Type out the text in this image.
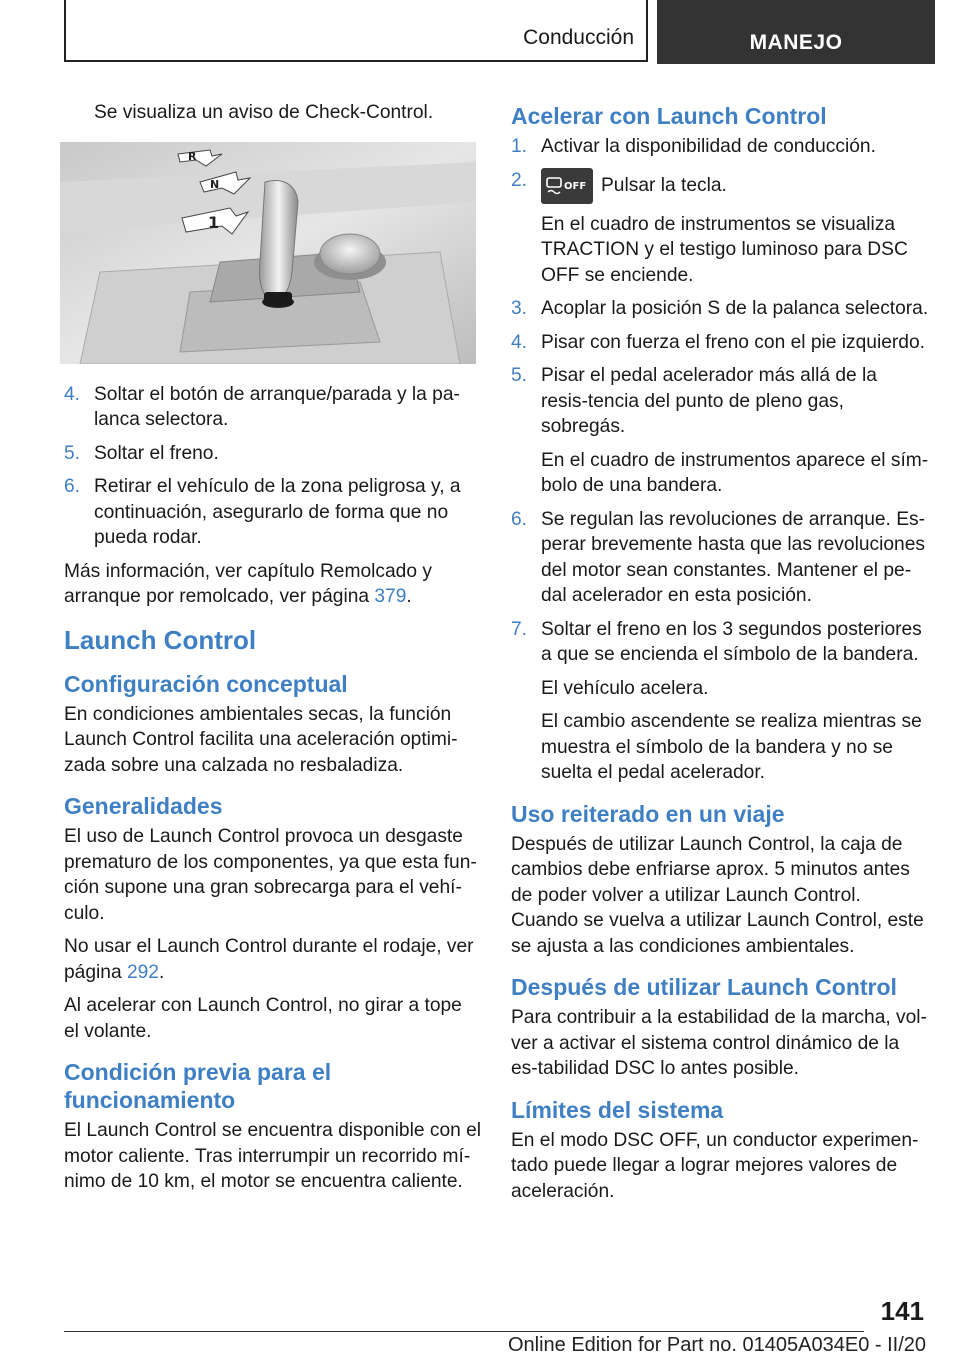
Conducción	MANEJO

Se visualiza un aviso de Check-Control.

R
N
1
4. Soltar el botón de arranque/parada y la pa-lanca selectora.
5. Soltar el freno.
6. Retirar el vehículo de la zona peligrosa y, a continuación, asegurarlo de forma que no pueda rodar.

Más información, ver capítulo Remolcado y arranque por remolcado, ver página 379.

Launch Control
Configuración conceptual

En condiciones ambientales secas, la función Launch Control facilita una aceleración optimi-zada sobre una calzada no resbaladiza.

Generalidades

El uso de Launch Control provoca un desgaste prematuro de los componentes, ya que esta fun-ción supone una gran sobrecarga para el vehí-culo.

No usar el Launch Control durante el rodaje, ver página 292.

Al acelerar con Launch Control, no girar a tope el volante.

Condición previa para el funcionamiento

El Launch Control se encuentra disponible con el motor caliente. Tras interrumpir un recorrido mí-nimo de 10 km, el motor se encuentra caliente.

Acelerar con Launch Control
1. Activar la disponibilidad de conducción.
2.	OFF Pulsar la tecla.

En el cuadro de instrumentos se visualiza TRACTION y el testigo luminoso para DSC OFF se enciende.

3. Acoplar la posición S de la palanca selectora.
4. Pisar con fuerza el freno con el pie izquierdo.
5. Pisar el pedal acelerador más allá de la resis-tencia del punto de pleno gas, sobregás.

En el cuadro de instrumentos aparece el sím-bolo de una bandera.

6. Se regulan las revoluciones de arranque. Es-perar brevemente hasta que las revoluciones del motor sean constantes. Mantener el pe-dal acelerador en esta posición.
7. Soltar el freno en los 3 segundos posteriores a que se encienda el símbolo de la bandera.

El vehículo acelera.

El cambio ascendente se realiza mientras se muestra el símbolo de la bandera y no se suelta el pedal acelerador.

Uso reiterado en un viaje

Después de utilizar Launch Control, la caja de cambios debe enfriarse aprox. 5 minutos antes de poder volver a utilizar Launch Control. Cuando se vuelva a utilizar Launch Control, este se ajusta a las condiciones ambientales.

Después de utilizar Launch Control

Para contribuir a la estabilidad de la marcha, vol-ver a activar el sistema control dinámico de la es-tabilidad DSC lo antes posible.

Límites del sistema

En el modo DSC OFF, un conductor experimen-tado puede llegar a lograr mejores valores de aceleración.

141
Online Edition for Part no. 01405A034E0 - II/20
